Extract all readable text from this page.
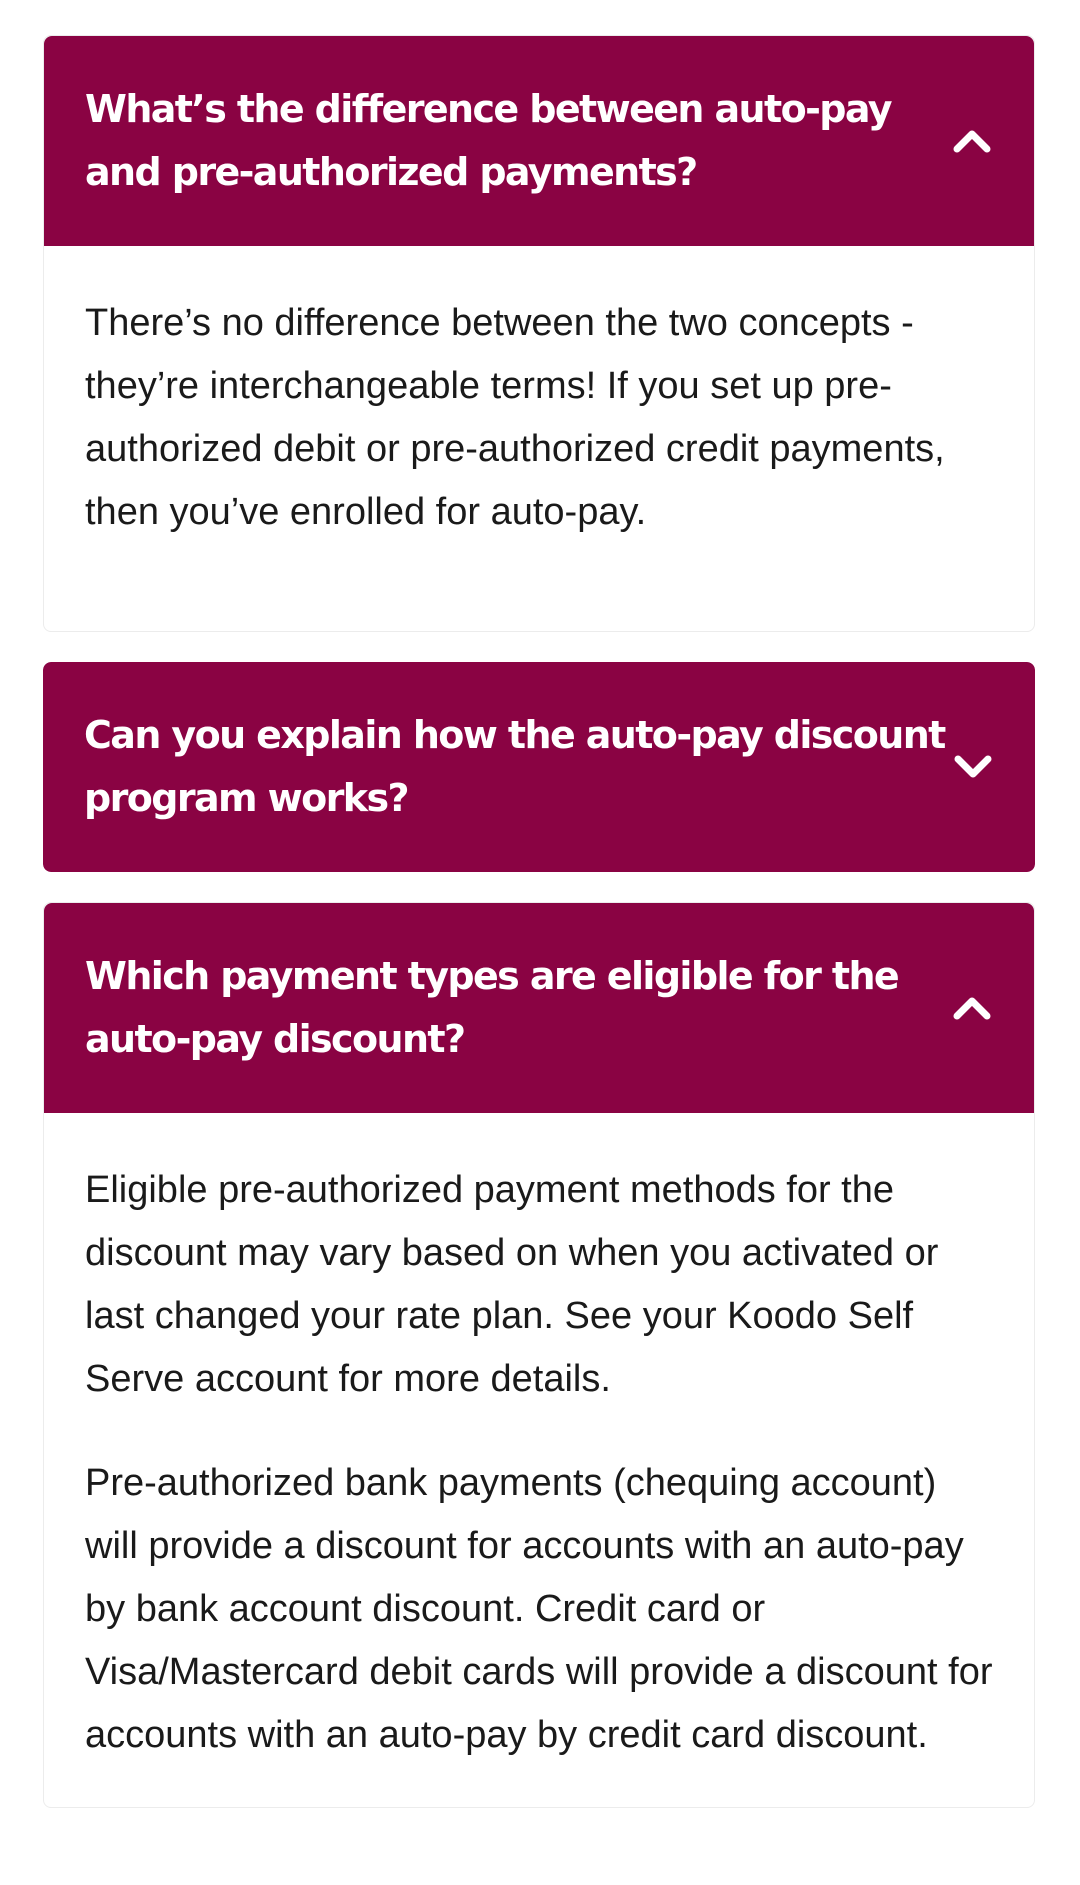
What’s the difference between auto-pay and pre-authorized payments?

There’s no difference between the two concepts - they’re interchangeable terms! If you set up pre-authorized debit or pre-authorized credit payments, then you’ve enrolled for auto-pay.

Can you explain how the auto-pay discount program works?
Which payment types are eligible for the auto-pay discount?

Eligible pre-authorized payment methods for the discount may vary based on when you activated or last changed your rate plan. See your Koodo Self Serve account for more details.

Pre-authorized bank payments (chequing account) will provide a discount for accounts with an auto-pay by bank account discount. Credit card or Visa/Mastercard debit cards will provide a discount for accounts with an auto-pay by credit card discount.
